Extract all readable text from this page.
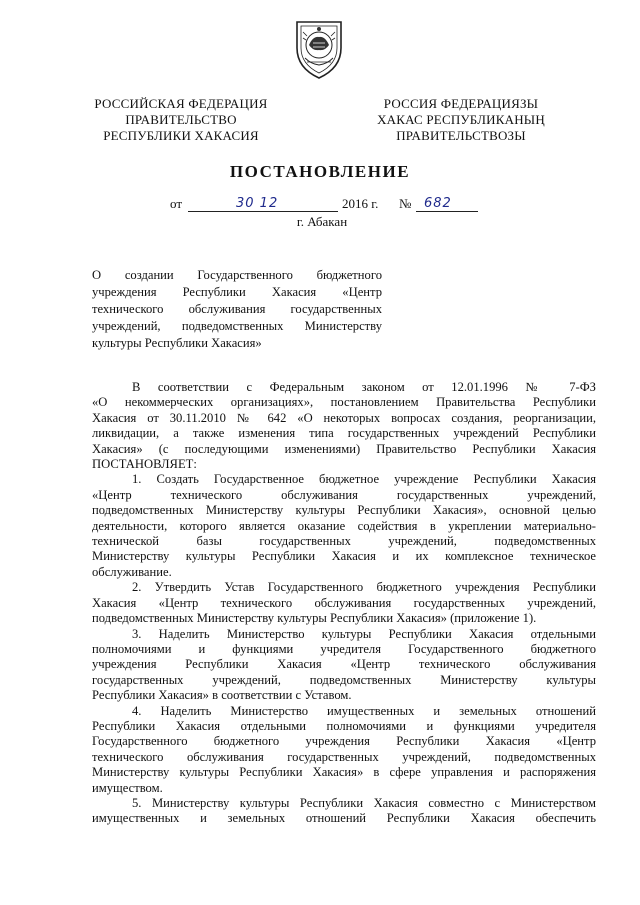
РОССИЙСКАЯ ФЕДЕРАЦИЯ
ПРАВИТЕЛЬСТВО
РЕСПУБЛИКИ ХАКАСИЯ
РОССИЯ ФЕДЕРАЦИЯЗЫ
ХАКАС РЕСПУБЛИКАНЫҢ
ПРАВИТЕЛЬСТВОЗЫ
ПОСТАНОВЛЕНИЕ
от	30 12	2016 г. № 682
г. Абакан
О создании Государственного бюджетного
учреждения Республики Хакасия «Центр
технического обслуживания государственных
учреждений, подведомственных Министерству
культуры Республики Хакасия»
В соответствии с Федеральным законом от 12.01.1996 № 7-ФЗ
«О некоммерческих организациях», постановлением Правительства Республики
Хакасия от 30.11.2010 № 642 «О некоторых вопросах создания, реорганизации,
ликвидации, а также изменения типа государственных учреждений Республики
Хакасия» (с последующими изменениями) Правительство Республики Хакасия
ПОСТАНОВЛЯЕТ:
1. Создать Государственное бюджетное учреждение Республики Хакасия
«Центр технического обслуживания государственных учреждений,
подведомственных Министерству культуры Республики Хакасия», основной целью
деятельности, которого является оказание содействия в укреплении материально-
технической базы государственных учреждений, подведомственных
Министерству культуры Республики Хакасия и их комплексное техническое
обслуживание.
2. Утвердить Устав Государственного бюджетного учреждения Республики
Хакасия «Центр технического обслуживания государственных учреждений,
подведомственных Министерству культуры Республики Хакасия» (приложение 1).
3. Наделить Министерство культуры Республики Хакасия отдельными
полномочиями и функциями учредителя Государственного бюджетного
учреждения Республики Хакасия «Центр технического обслуживания
государственных учреждений, подведомственных Министерству культуры
Республики Хакасия» в соответствии с Уставом.
4. Наделить Министерство имущественных и земельных отношений
Республики Хакасия отдельными полномочиями и функциями учредителя
Государственного бюджетного учреждения Республики Хакасия «Центр
технического обслуживания государственных учреждений, подведомственных
Министерству культуры Республики Хакасия» в сфере управления и распоряжения
имуществом.
5. Министерству культуры Республики Хакасия совместно с Министерством
имущественных и земельных отношений Республики Хакасия обеспечить
